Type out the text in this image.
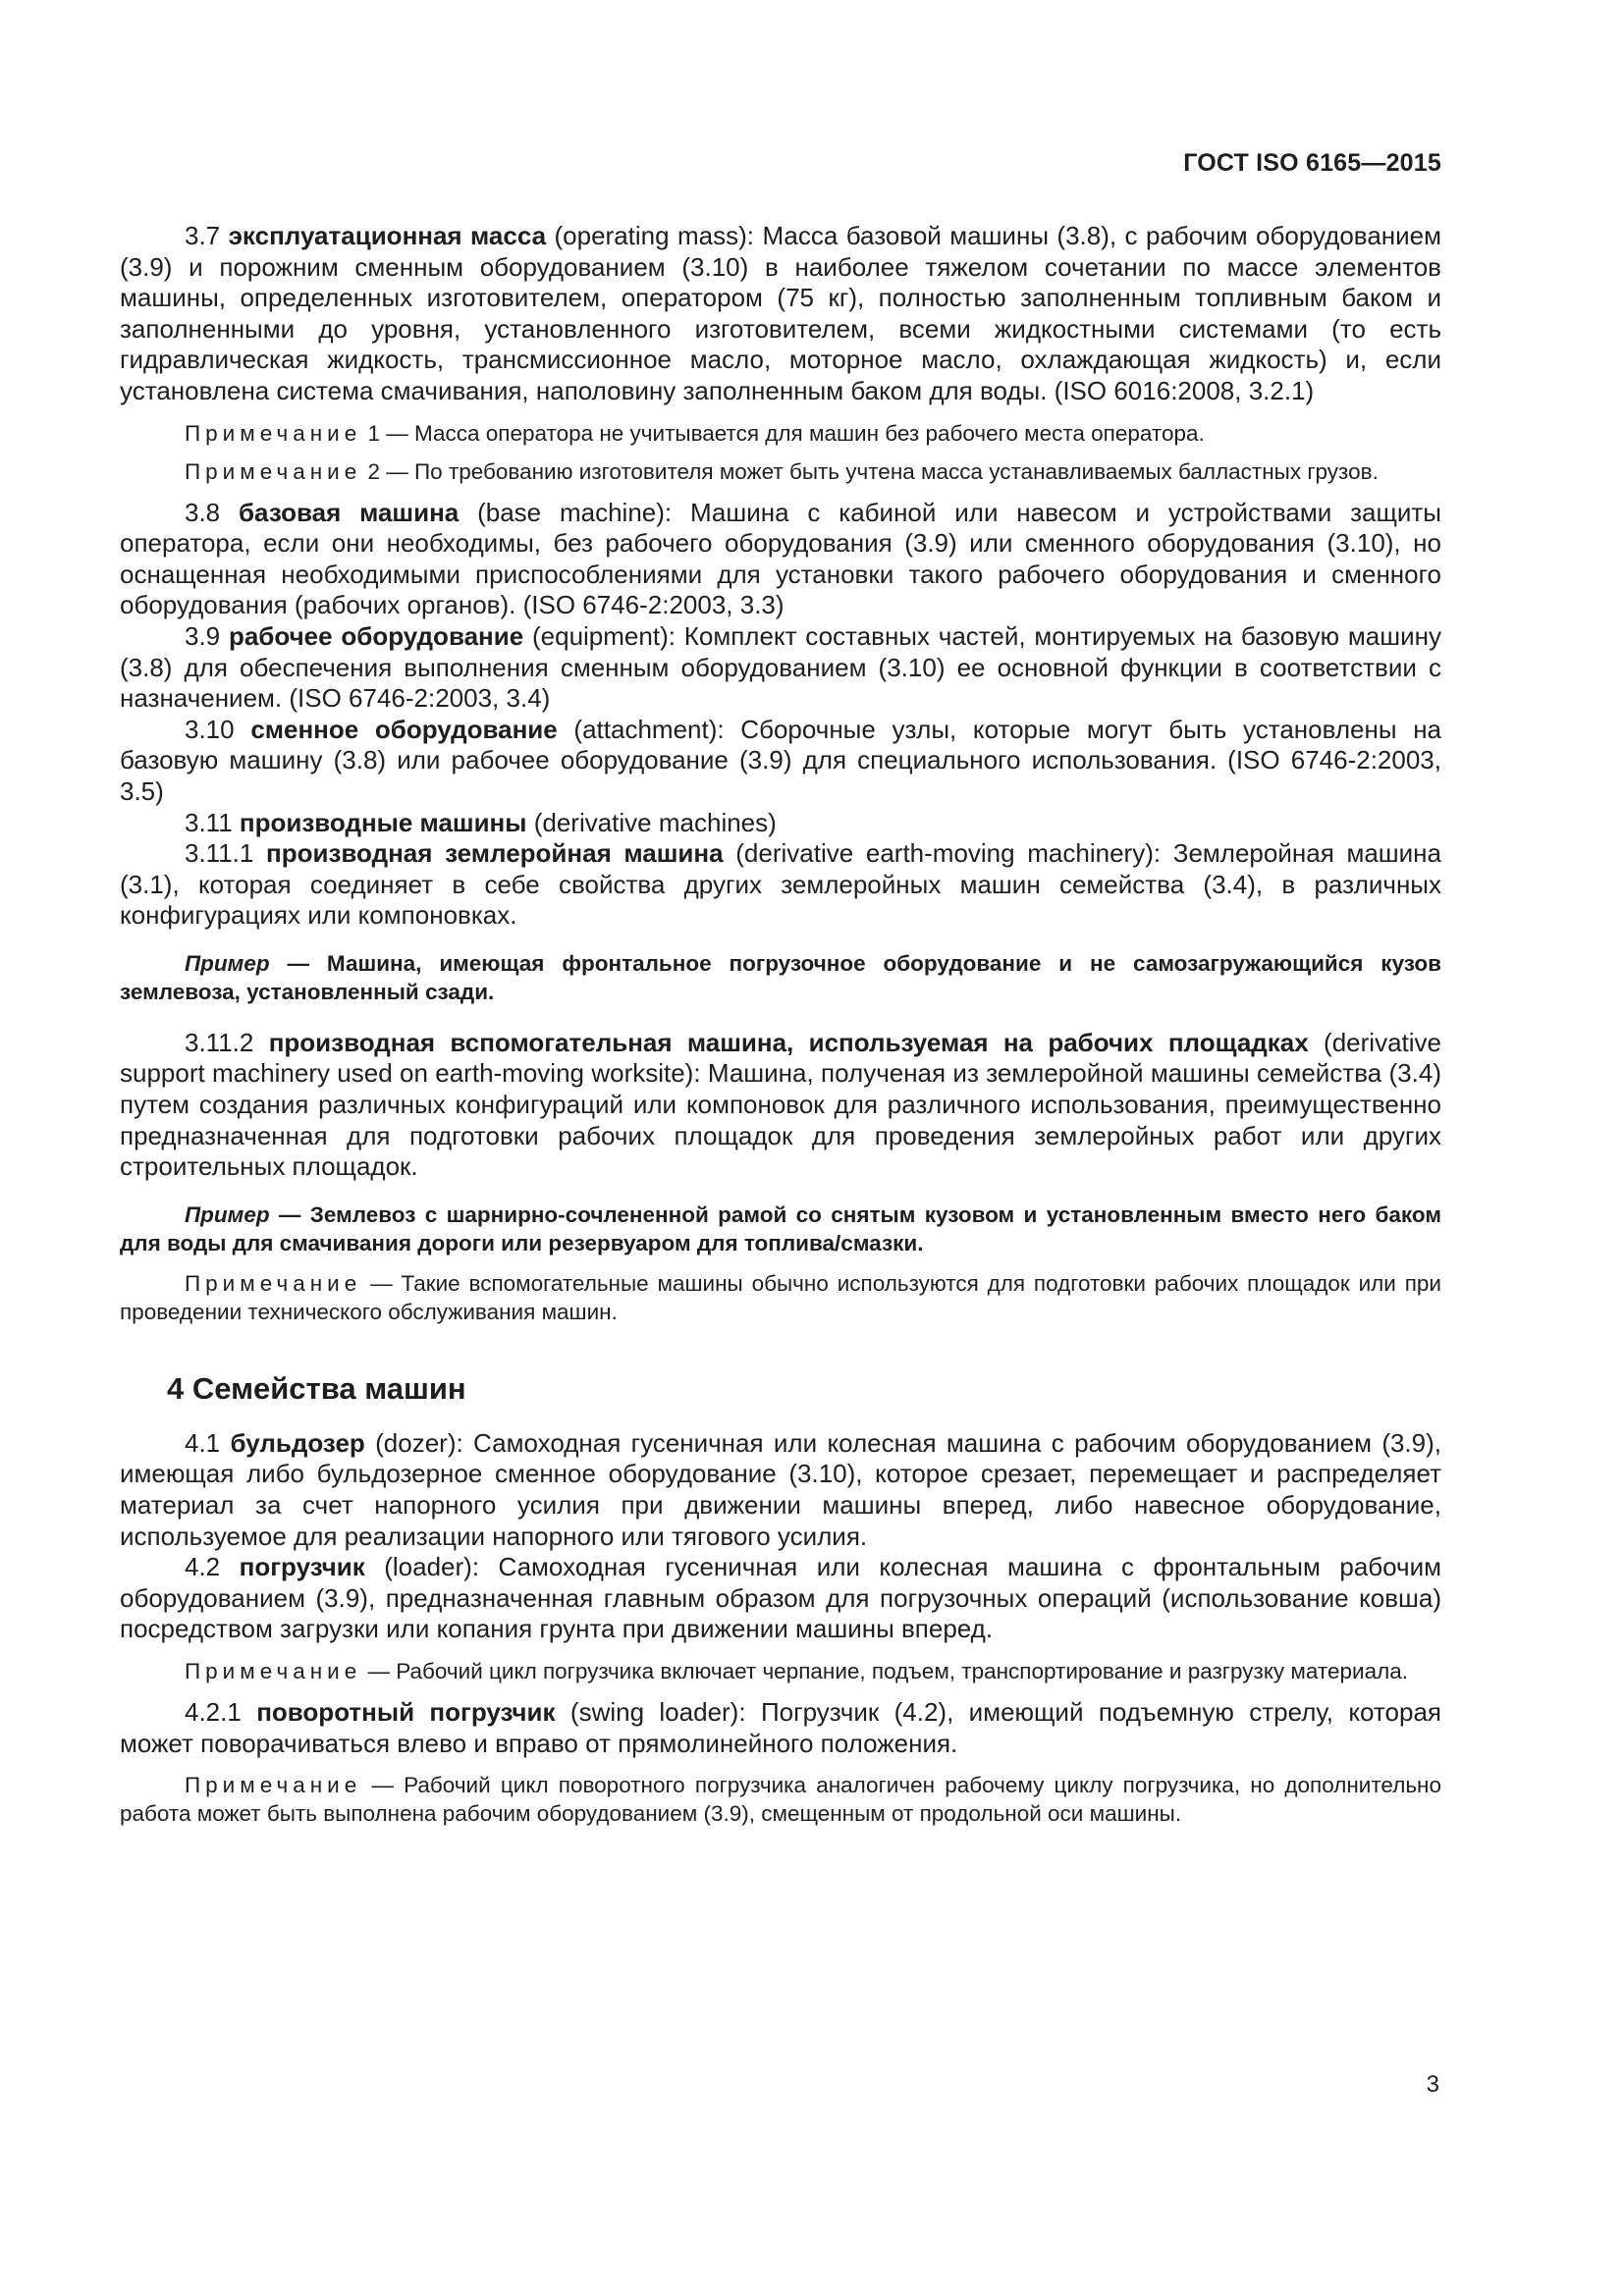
ГОСТ ISO 6165—2015

3.7 эксплуатационная масса (operating mass): Масса базовой машины (3.8), с рабочим оборудованием (3.9) и порожним сменным оборудованием (3.10) в наиболее тяжелом сочетании по массе элементов машины, определенных изготовителем, оператором (75 кг), полностью заполненным топливным баком и заполненными до уровня, установленного изготовителем, всеми жидкостными системами (то есть гидравлическая жидкость, трансмиссионное масло, моторное масло, охлаждающая жидкость) и, если установлена система смачивания, наполовину заполненным баком для воды. (ISO 6016:2008, 3.2.1)

Примечание 1 — Масса оператора не учитывается для машин без рабочего места оператора.

Примечание 2 — По требованию изготовителя может быть учтена масса устанавливаемых балластных грузов.

3.8 базовая машина (base machine): Машина с кабиной или навесом и устройствами защиты оператора, если они необходимы, без рабочего оборудования (3.9) или сменного оборудования (3.10), но оснащенная необходимыми приспособлениями для установки такого рабочего оборудования и сменного оборудования (рабочих органов). (ISO 6746-2:2003, 3.3)

3.9 рабочее оборудование (equipment): Комплект составных частей, монтируемых на базовую машину (3.8) для обеспечения выполнения сменным оборудованием (3.10) ее основной функции в соответствии с назначением. (ISO 6746-2:2003, 3.4)

3.10 сменное оборудование (attachment): Сборочные узлы, которые могут быть установлены на базовую машину (3.8) или рабочее оборудование (3.9) для специального использования. (ISO 6746-2:2003, 3.5)

3.11 производные машины (derivative machines)

3.11.1 производная землеройная машина (derivative earth-moving machinery): Землеройная машина (3.1), которая соединяет в себе свойства других землеройных машин семейства (3.4), в различных конфигурациях или компоновках.

Пример — Машина, имеющая фронтальное погрузочное оборудование и не самозагружающийся кузов землевоза, установленный сзади.

3.11.2 производная вспомогательная машина, используемая на рабочих площадках (derivative support machinery used on earth-moving worksite): Машина, полученая из землеройной машины семейства (3.4) путем создания различных конфигураций или компоновок для различного использования, преимущественно предназначенная для подготовки рабочих площадок для проведения землеройных работ или других строительных площадок.

Пример — Землевоз с шарнирно-сочлененной рамой со снятым кузовом и установленным вместо него баком для воды для смачивания дороги или резервуаром для топлива/смазки.

Примечание — Такие вспомогательные машины обычно используются для подготовки рабочих площадок или при проведении технического обслуживания машин.

4 Семейства машин

4.1 бульдозер (dozer): Самоходная гусеничная или колесная машина с рабочим оборудованием (3.9), имеющая либо бульдозерное сменное оборудование (3.10), которое срезает, перемещает и распределяет материал за счет напорного усилия при движении машины вперед, либо навесное оборудование, используемое для реализации напорного или тягового усилия.

4.2 погрузчик (loader): Самоходная гусеничная или колесная машина с фронтальным рабочим оборудованием (3.9), предназначенная главным образом для погрузочных операций (использование ковша) посредством загрузки или копания грунта при движении машины вперед.

Примечание — Рабочий цикл погрузчика включает черпание, подъем, транспортирование и разгрузку материала.

4.2.1 поворотный погрузчик (swing loader): Погрузчик (4.2), имеющий подъемную стрелу, которая может поворачиваться влево и вправо от прямолинейного положения.

Примечание — Рабочий цикл поворотного погрузчика аналогичен рабочему циклу погрузчика, но дополнительно работа может быть выполнена рабочим оборудованием (3.9), смещенным от продольной оси машины.

3
